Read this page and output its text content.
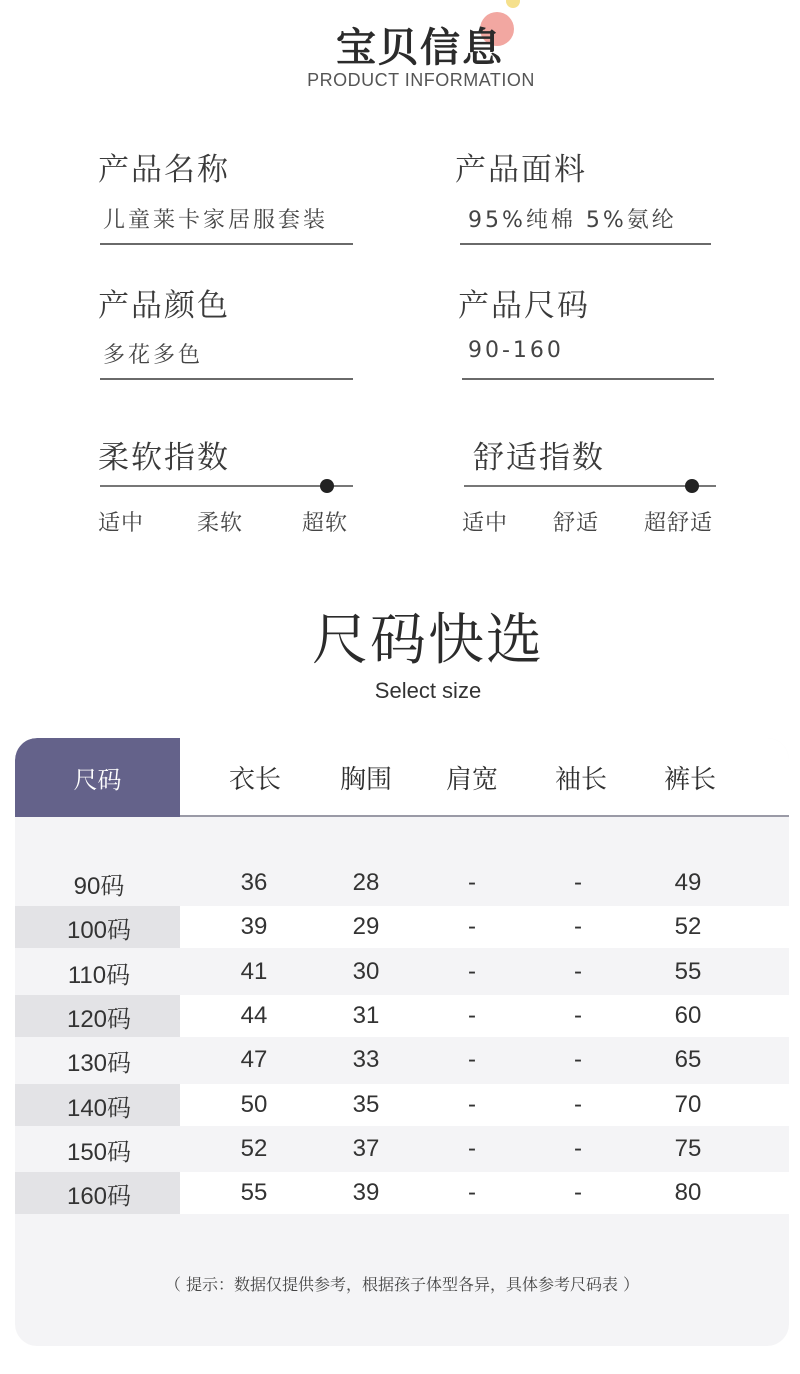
宝贝信息
PRODUCT INFORMATION
产品名称
儿童莱卡家居服套装
产品面料
95%纯棉 5%氨纶
产品颜色
多花多色
产品尺码
90-160
柔软指数
适中 柔软	超软
舒适指数
适中 舒适 超舒适
尺码快选
Select size
尺码	衣长	胸围	肩宽	袖长	裤长
90码	36	28	-	-	49
100码	39	29	-	-	52
110码	41	30	-	-	55
120码	44	31	-	-	60
130码	47	33	-	-	65
140码	50	35	-	-	70
150码	52	37	-	-	75
160码	55	39	-	-	80
（ 提示：数据仅提供参考，根据孩子体型各异，具体参考尺码表 ）
